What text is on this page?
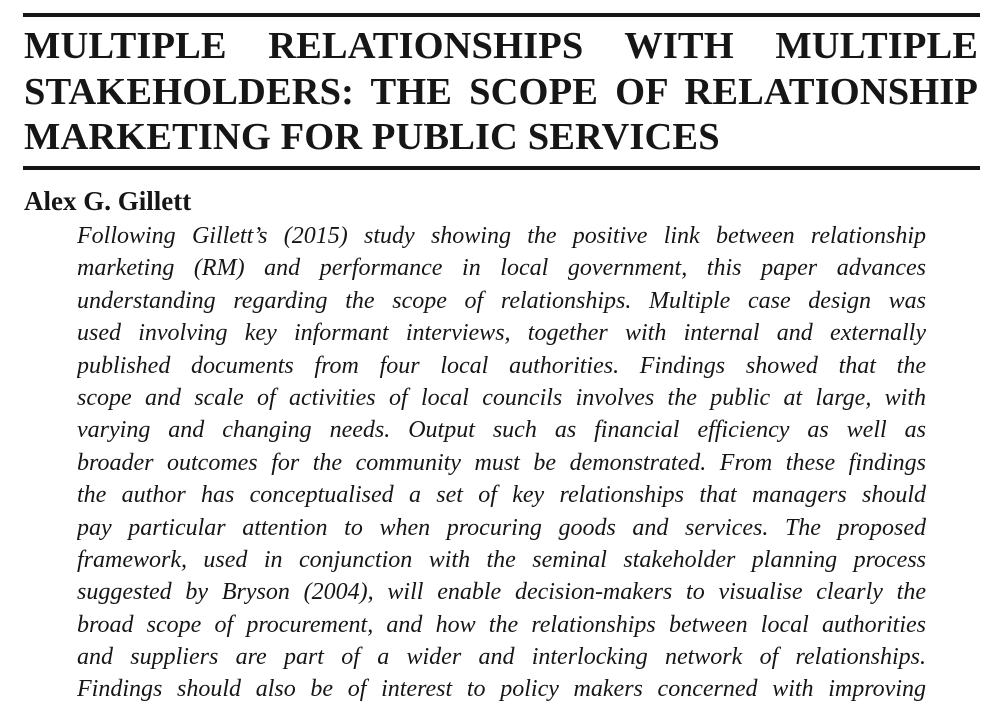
MULTIPLE RELATIONSHIPS WITH MULTIPLE
STAKEHOLDERS: THE SCOPE OF RELATIONSHIP
MARKETING FOR PUBLIC SERVICES

Alex G. Gillett

Following Gillett’s (2015) study showing the positive link between relationship
marketing (RM) and performance in local government, this paper advances
understanding regarding the scope of relationships. Multiple case design was
used involving key informant interviews, together with internal and externally
published documents from four local authorities. Findings showed that the
scope and scale of activities of local councils involves the public at large, with
varying and changing needs. Output such as financial efficiency as well as
broader outcomes for the community must be demonstrated. From these findings
the author has conceptualised a set of key relationships that managers should
pay particular attention to when procuring goods and services. The proposed
framework, used in conjunction with the seminal stakeholder planning process
suggested by Bryson (2004), will enable decision-makers to visualise clearly the
broad scope of procurement, and how the relationships between local authorities
and suppliers are part of a wider and interlocking network of relationships.
Findings should also be of interest to policy makers concerned with improving
